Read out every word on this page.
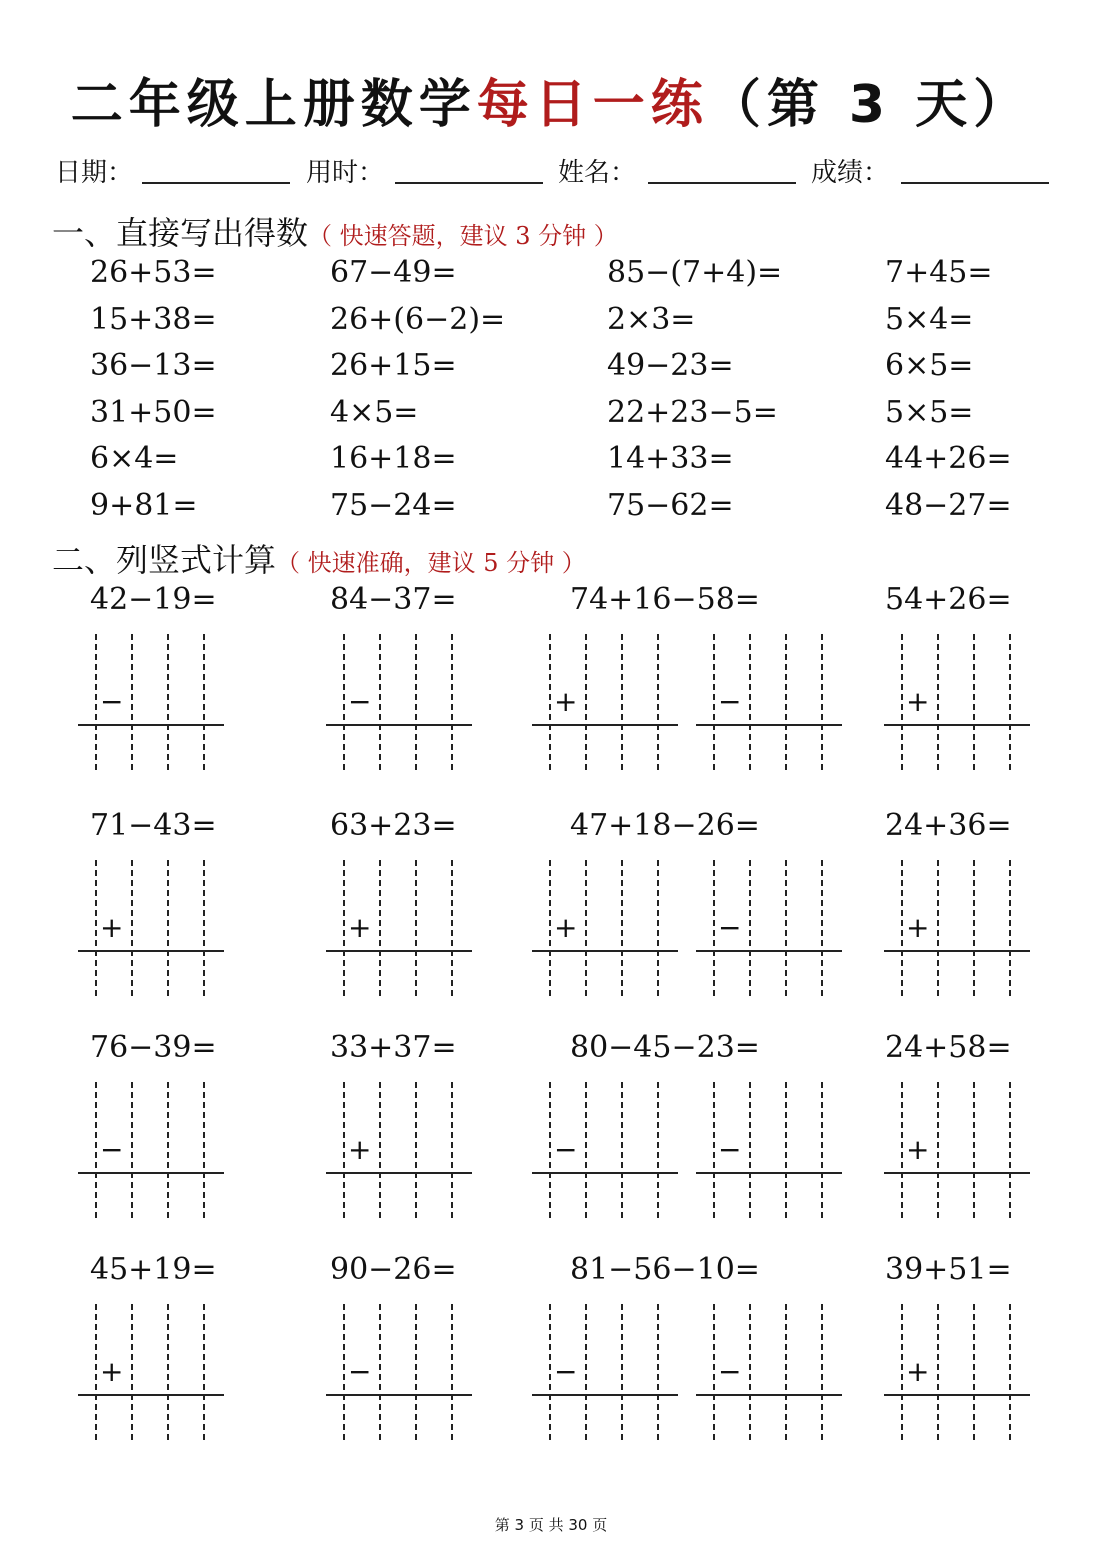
二年级上册数学每日一练（第 3 天）
日期：	用时：	姓名：	成绩：
一、直接写出得数（ 快速答题，建议 3 分钟 ）
26+53=	67−49=	85−(7+4)=	7+45=
15+38=	26+(6−2)=	2×3=	5×4=
36−13=	26+15=	49−23=	6×5=
31+50=	4×5=	22+23−5=	5×5=
6×4=	16+18=	14+33=	44+26=
9+81=	75−24=	75−62=	48−27=
二、列竖式计算（ 快速准确，建议 5 分钟 ）
42−19=	84−37=	74+16−58=	54+26=
−	−	+	−	+
71−43=	63+23=	47+18−26=	24+36=
+	+	+	−	+
76−39=	33+37=	80−45−23=	24+58=
−	+	−	−	+
45+19=	90−26=	81−56−10=	39+51=
+	−	−	−	+
第 3 页 共 30 页
